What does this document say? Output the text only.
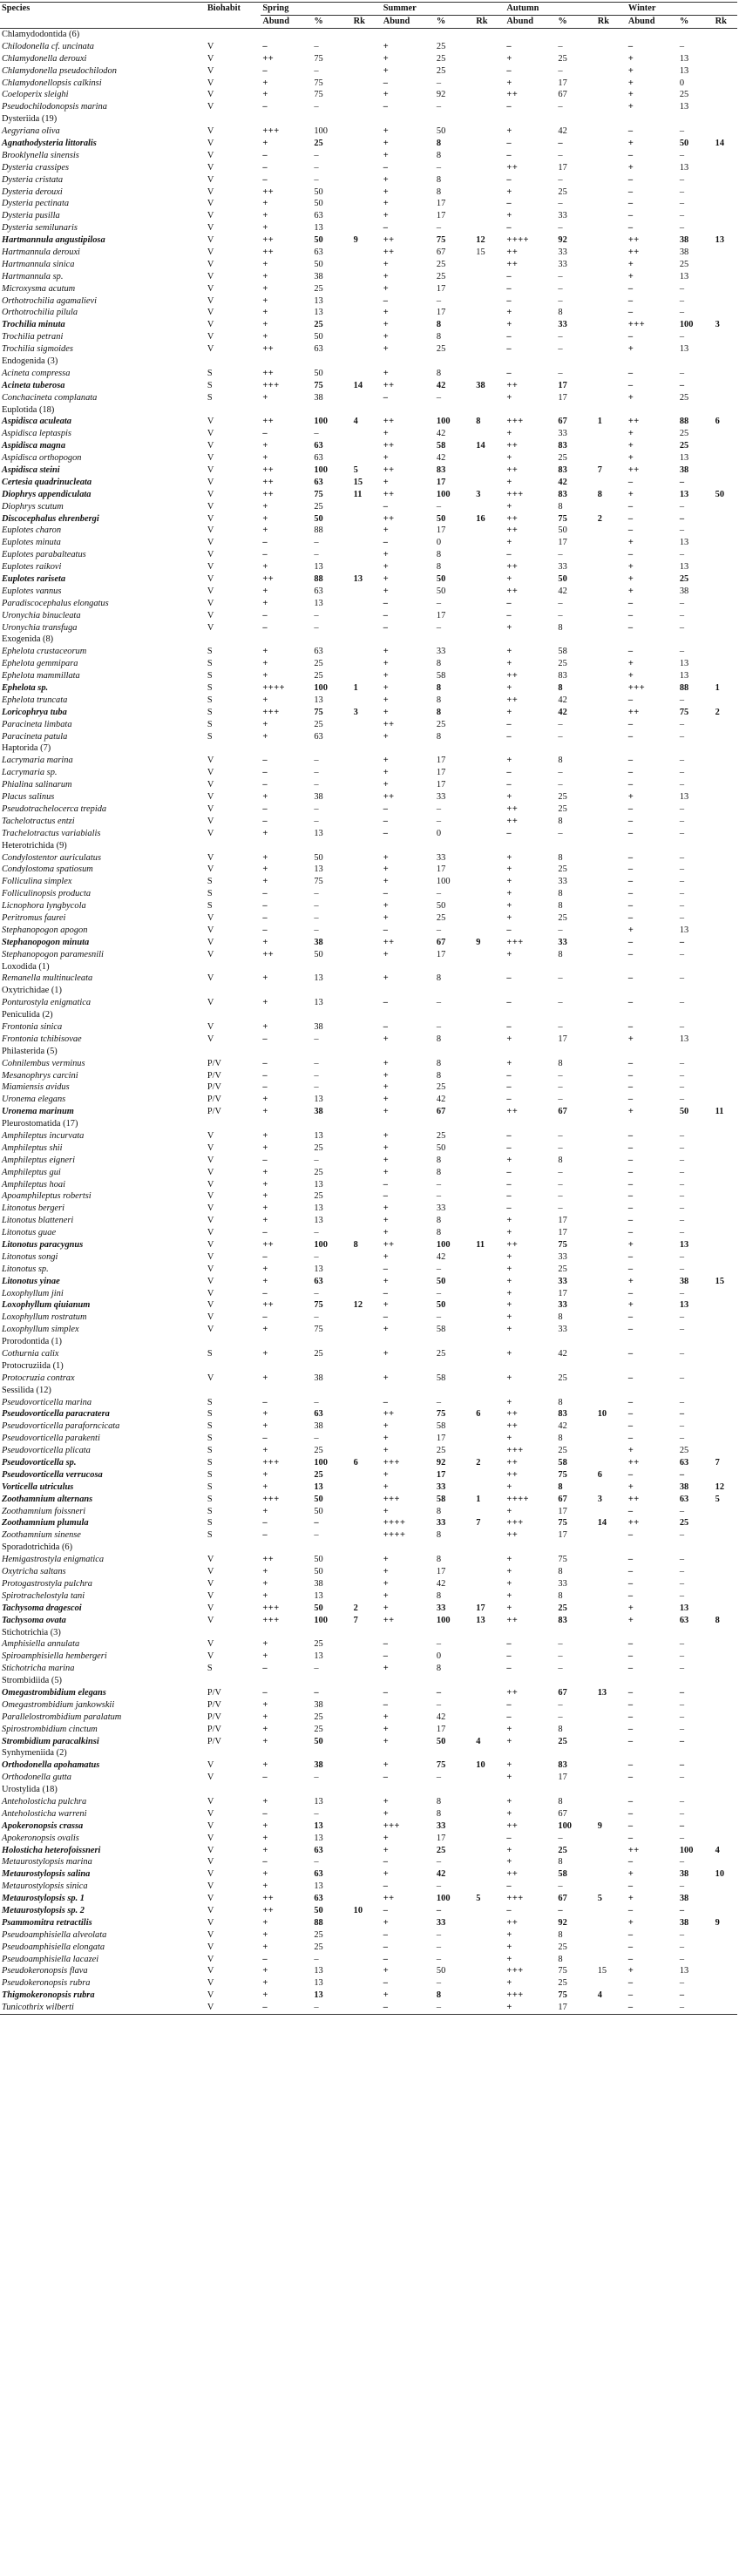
Species	Biohabit	Spring			Summer			Autumn			Winter		
		Abund	%	Rk	Abund	%	Rk	Abund	%	Rk	Abund	%	Rk
Chlamydodontida (6)													
Chilodonella cf. uncinata	V	–	–		+	25		–	–		–	–	
Chlamydonella derouxi	V	++	75		+	25		+	25		+	13	
Chlamydonella pseudochilodon	V	–	–		+	25		–	–		+	13	
Chlamydonellopsis calkinsi	V	+	75		–	–		+	17		+	0	
Coeloperix sleighi	V	+	75		+	92		++	67		+	25	
Pseudochilodonopsis marina	V	–	–		–	–		–	–		+	13	
Dysteriida (19)													
Aegyriana oliva	V	+++	100		+	50		+	42		–	–	
Agnathodysteria littoralis	V	+	25		+	8		–	–		+	50	14
Brooklynella sinensis	V	–	–		+	8		–	–		–	–	
Dysteria crassipes	V	–	–		–	–		++	17		+	13	
Dysteria cristata	V	–	–		+	8		–	–		–	–	
Dysteria derouxi	V	++	50		+	8		+	25		–	–	
Dysteria pectinata	V	+	50		+	17		–	–		–	–	
Dysteria pusilla	V	+	63		+	17		+	33		–	–	
Dysteria semilunaris	V	+	13		–	–		–	–		–	–	
Hartmannula angustipilosa	V	++	50	9	++	75	12	++++	92		++	38	13
Hartmannula derouxi	V	++	63		++	67	15	++	33		++	38	
Hartmannula sinica	V	+	50		+	25		++	33		+	25	
Hartmannula sp.	V	+	38		+	25		–	–		+	13	
Microxysma acutum	V	+	25		+	17		–	–		–	–	
Orthotrochilia agamalievi	V	+	13		–	–		–	–		–	–	
Orthotrochilia pilula	V	+	13		+	17		+	8		–	–	
Trochilia minuta	V	+	25		+	8		+	33		+++	100	3
Trochilia petrani	V	+	50		+	8		–	–		–	–	
Trochilia sigmoides	V	++	63		+	25		–	–		+	13	
Endogenida (3)													
Acineta compressa	S	++	50		+	8		–	–		–	–	
Acineta tuberosa	S	+++	75	14	++	42	38	++	17		–	–	
Conchacineta complanata	S	+	38		–	–		+	17		+	25	
Euplotida (18)													
Aspidisca aculeata	V	++	100	4	++	100	8	+++	67	1	++	88	6
Aspidisca leptaspis	V	–	–		+	42		+	33		+	25	
Aspidisca magna	V	+	63		++	58	14	++	83		+	25	
Aspidisca orthopogon	V	+	63		+	42		+	25		+	13	
Aspidisca steini	V	++	100	5	++	83		++	83	7	++	38	
Certesia quadrinucleata	V	++	63	15	+	17		+	42		–	–	
Diophrys appendiculata	V	++	75	11	++	100	3	+++	83	8	+	13	50
Diophrys scutum	V	+	25		–	–		+	8		–	–	
Discocephalus ehrenbergi	V	+	50		++	50	16	++	75	2	–	–	
Euplotes charon	V	+	88		+	17		++	50		–	–	
Euplotes minuta	V	–	–		–	0		+	17		+	13	
Euplotes parabalteatus	V	–	–		+	8		–	–		–	–	
Euplotes raikovi	V	+	13		+	8		++	33		+	13	
Euplotes rariseta	V	++	88	13	+	50		+	50		+	25	
Euplotes vannus	V	+	63		+	50		++	42		+	38	
Paradiscocephalus elongatus	V	+	13		–	–		–	–		–	–	
Uronychia binucleata	V	–	–		–	17		–	–		–	–	
Uronychia transfuga	V	–	–		–	–		+	8		–	–	
Exogenida (8)													
Ephelota crustaceorum	S	+	63		+	33		+	58		–	–	
Ephelota gemmipara	S	+	25		+	8		+	25		+	13	
Ephelota mammillata	S	+	25		+	58		++	83		+	13	
Ephelota sp.	S	++++	100	1	+	8		+	8		+++	88	1
Ephelota truncata	S	+	13		+	8		++	42		–	–	
Loricophrya tuba	S	+++	75	3	+	8		+	42		++	75	2
Paracineta limbata	S	+	25		++	25		–	–		–	–	
Paracineta patula	S	+	63		+	8		–	–		–	–	
Haptorida (7)													
Lacrymaria marina	V	–	–		+	17		+	8		–	–	
Lacrymaria sp.	V	–	–		+	17		–	–		–	–	
Phialina salinarum	V	–	–		+	17		–	–		–	–	
Placus salinus	V	+	38		++	33		+	25		+	13	
Pseudotrachelocerca trepida	V	–	–		–	–		++	25		–	–	
Tachelotractus entzi	V	–	–		–	–		++	8		–	–	
Trachelotractus variabialis	V	+	13		–	0		–	–		–	–	
Heterotrichida (9)													
Condylostentor auriculatus	V	+	50		+	33		+	8		–	–	
Condylostoma spatiosum	V	+	13		+	17		+	25		–	–	
Folliculina simplex	S	+	75		+	100		+	33		–	–	
Folliculinopsis producta	S	–	–		–	–		+	8		–	–	
Licnophora lyngbycola	S	–	–		+	50		+	8		–	–	
Peritromus faurei	V	–	–		+	25		+	25		–	–	
Stephanopogon apogon	V	–	–		–	–		–	–		+	13	
Stephanopogon minuta	V	+	38		++	67	9	+++	33		–	–	
Stephanopogon paramesnili	V	++	50		+	17		+	8		–	–	
Loxodida (1)													
Remanella multinucleata	V	+	13		+	8		–	–		–	–	
Oxytrichidae (1)													
Ponturostyla enigmatica	V	+	13		–	–		–	–		–	–	
Peniculida (2)													
Frontonia sinica	V	+	38		–	–		–	–		–	–	
Frontonia tchibisovae	V	–	–		+	8		+	17		+	13	
Philasterida (5)													
Cohnilembus verminus	P/V	–	–		+	8		+	8		–	–	
Mesanophrys carcini	P/V	–	–		+	8		–	–		–	–	
Miamiensis avidus	P/V	–	–		+	25		–	–		–	–	
Uronema elegans	P/V	+	13		+	42		–	–		–	–	
Uronema marinum	P/V	+	38		+	67		++	67		+	50	11
Pleurostomatida (17)													
Amphileptus incurvata	V	+	13		+	25		–	–		–	–	
Amphileptus shii	V	+	25		+	50		–	–		–	–	
Amphileptus eigneri	V	–	–		+	8		+	8		–	–	
Amphileptus gui	V	+	25		+	8		–	–		–	–	
Amphileptus hoai	V	+	13		–	–		–	–		–	–	
Apoamphileptus robertsi	V	+	25		–	–		–	–		–	–	
Litonotus bergeri	V	+	13		+	33		–	–		–	–	
Litonotus blatteneri	V	+	13		+	8		+	17		–	–	
Litonotus guae	V	–	–		+	8		+	17		–	–	
Litonotus paracygnus	V	++	100	8	++	100	11	++	75		+	13	
Litonotus songi	V	–	–		+	42		+	33		–	–	
Litonotus sp.	V	+	13		–	–		+	25		–	–	
Litonotus yinae	V	+	63		+	50		+	33		+	38	15
Loxophyllum jini	V	–	–		–	–		+	17		–	–	
Loxophyllum qiuianum	V	++	75	12	+	50		+	33		+	13	
Loxophyllum rostratum	V	–	–		–	–		+	8		–	–	
Loxophyllum simplex	V	+	75		+	58		+	33		–	–	
Prorodontida (1)													
Cothurnia calix	S	+	25		+	25		+	42		–	–	
Protocruziida (1)													
Protocruzia contrax	V	+	38		+	58		+	25		–	–	
Sessilida (12)													
Pseudovorticella marina	S	–	–		–	–		+	8		–	–	
Pseudovorticella paracratera	S	+	63		++	75	6	++	83	10	–	–	
Pseudovorticella paraforncicata	S	+	38		+	58		++	42		–	–	
Pseudovorticella parakenti	S	–	–		+	17		+	8		–	–	
Pseudovorticella plicata	S	+	25		+	25		+++	25		+	25	
Pseudovorticella sp.	S	+++	100	6	+++	92	2	++	58		++	63	7
Pseudovorticella verrucosa	S	+	25		+	17		++	75	6	–	–	
Vorticella utriculus	S	+	13		+	33		+	8		+	38	12
Zoothamnium alternans	S	+++	50		+++	58	1	++++	67	3	++	63	5
Zoothamnium foissneri	S	+	50		+	8		+	17		–	–	
Zoothamnium plumula	S	–	–		++++	33	7	+++	75	14	++	25	
Zoothamnium sinense	S	–	–		++++	8		++	17		–	–	
Sporadotrichida (6)													
Hemigastrostyla enigmatica	V	++	50		+	8		+	75		–	–	
Oxytricha saltans	V	+	50		+	17		+	8		–	–	
Protogastrostyla pulchra	V	+	38		+	42		+	33		–	–	
Spirotrachelostyla tani	V	+	13		+	8		+	8		–	–	
Tachysoma dragescoi	V	+++	50	2	+	33	17	+	25		+	13	
Tachysoma ovata	V	+++	100	7	++	100	13	++	83		+	63	8
Stichotrichia (3)													
Amphisiella annulata	V	+	25		–	–		–	–		–	–	
Spiroamphisiella hembergeri	V	+	13		–	0		–	–		–	–	
Stichotricha marina	S	–	–		+	8		–	–		–	–	
Strombidiida (5)													
Omegastrombidium elegans	P/V	–	–		–	–		++	67	13	–	–	
Omegastrombidium jankowskii	P/V	+	38		–	–		–	–		–	–	
Parallelostrombidium paralatum	P/V	+	25		+	42		–	–		–	–	
Spirostrombidium cinctum	P/V	+	25		+	17		+	8		–	–	
Strombidium paracalkinsi	P/V	+	50		+	50	4	+	25		–	–	
Synhymeniida (2)													
Orthodonella apohamatus	V	+	38		+	75	10	+	83		–	–	
Orthodonella gutta	V	–	–		–	–		+	17		–	–	
Urostylida (18)													
Anteholosticha pulchra	V	+	13		+	8		+	8		–	–	
Anteholosticha warreni	V	–	–		+	8		+	67		–	–	
Apokeronopsis crassa	V	+	13		+++	33		++	100	9	–	–	
Apokeronopsis ovalis	V	+	13		+	17		–	–		–	–	
Holosticha heterofoissneri	V	+	63		+	25		+	25		++	100	4
Metaurostylopsis marina	V	–	–		–	–		+	8		–	–	
Metaurostylopsis salina	V	+	63		+	42		++	58		+	38	10
Metaurostylopsis sinica	V	+	13		–	–		–	–		–	–	
Metaurostylopsis sp. 1	V	++	63		++	100	5	+++	67	5	+	38	
Metaurostylopsis sp. 2	V	++	50	10	–	–		–	–		–	–	
Psammomitra retractilis	V	+	88		+	33		++	92		+	38	9
Pseudoamphisiella alveolata	V	+	25		–	–		+	8		–	–	
Pseudoamphisiella elongata	V	+	25		–	–		+	25		–	–	
Pseudoamphisiella lacazei	V	–	–		–	–		+	8		–	–	
Pseudokeronopsis flava	V	+	13		+	50		+++	75	15	+	13	
Pseudokeronopsis rubra	V	+	13		–	–		+	25		–	–	
Thigmokeronopsis rubra	V	+	13		+	8		+++	75	4	–	–	
Tunicothrix wilberti	V	–	–		–	–		+	17		–	–	
